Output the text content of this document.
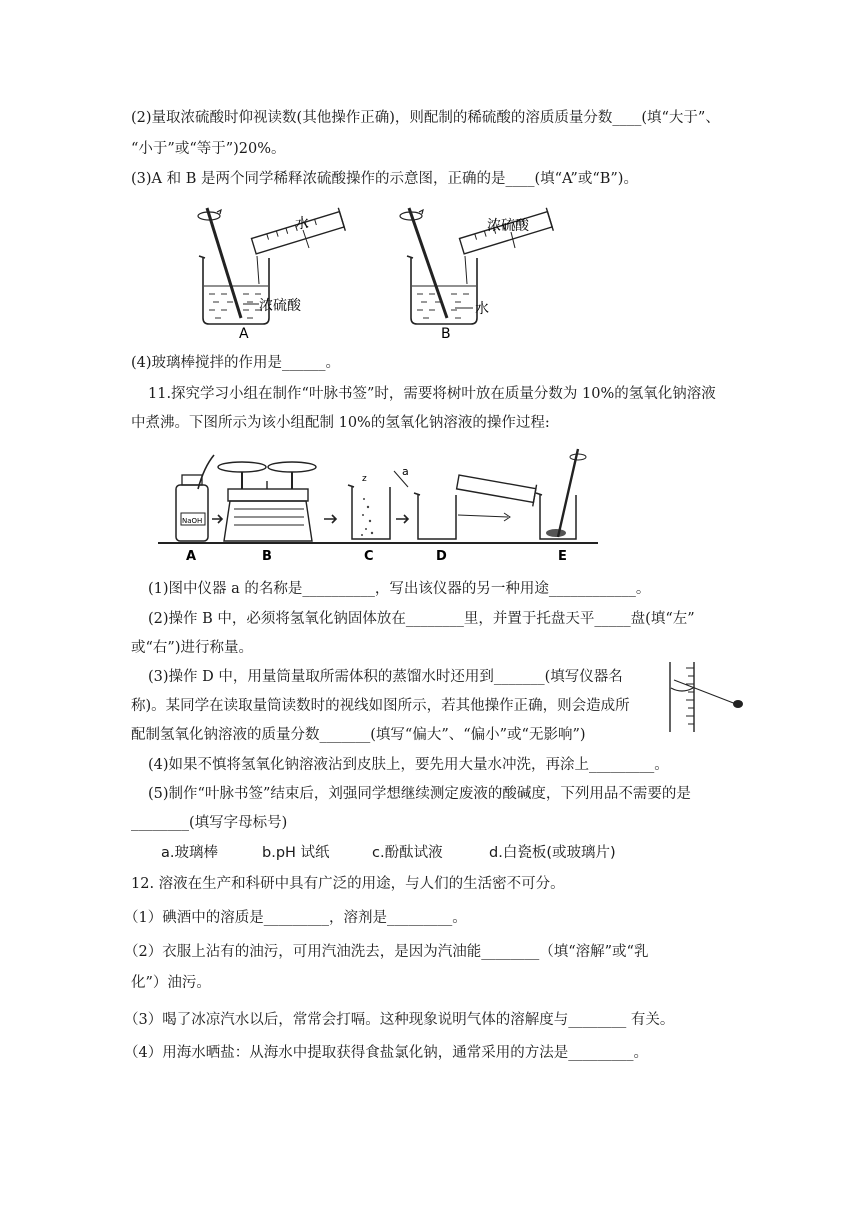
(2)量取浓硫酸时仰视读数(其他操作正确)，则配制的稀硫酸的溶质质量分数____(填“大于”、
“小于”或“等于”)20%。
(3)A 和 B 是两个同学稀释浓硫酸操作的示意图，正确的是____(填“A”或“B”)。
水
浓硫酸
A
浓硫酸
水
B
(4)玻璃棒搅拌的作用是______。
11.探究学习小组在制作“叶脉书签”时，需要将树叶放在质量分数为 10%的氢氧化钠溶液
中煮沸。下图所示为该小组配制 10%的氢氧化钠溶液的操作过程:
NaOH
A	B
z
a
C	D	E
(1)图中仪器 a 的名称是__________，写出该仪器的另一种用途____________。
(2)操作 B 中，必须将氢氧化钠固体放在________里，并置于托盘天平_____盘(填“左”
或“右”)进行称量。
(3)操作 D 中，用量筒量取所需体积的蒸馏水时还用到_______(填写仪器名
称)。某同学在读取量筒读数时的视线如图所示，若其他操作正确，则会造成所
配制氢氧化钠溶液的质量分数_______(填写“偏大”、“偏小”或“无影响”)
(4)如果不慎将氢氧化钠溶液沾到皮肤上，要先用大量水冲洗，再涂上_________。
(5)制作“叶脉书签”结束后，刘强同学想继续测定废液的酸碱度，下列用品不需要的是
________(填写字母标号)
a.玻璃棒	b.pH 试纸	c.酚酞试液	d.白瓷板(或玻璃片)
12. 溶液在生产和科研中具有广泛的用途，与人们的生活密不可分。
（1）碘酒中的溶质是_________，溶剂是_________。
（2）衣服上沾有的油污，可用汽油洗去，是因为汽油能________（填“溶解”或“乳
化”）油污。
（3）喝了冰凉汽水以后，常常会打嗝。这种现象说明气体的溶解度与________ 有关。
（4）用海水晒盐：从海水中提取获得食盐氯化钠，通常采用的方法是_________。
